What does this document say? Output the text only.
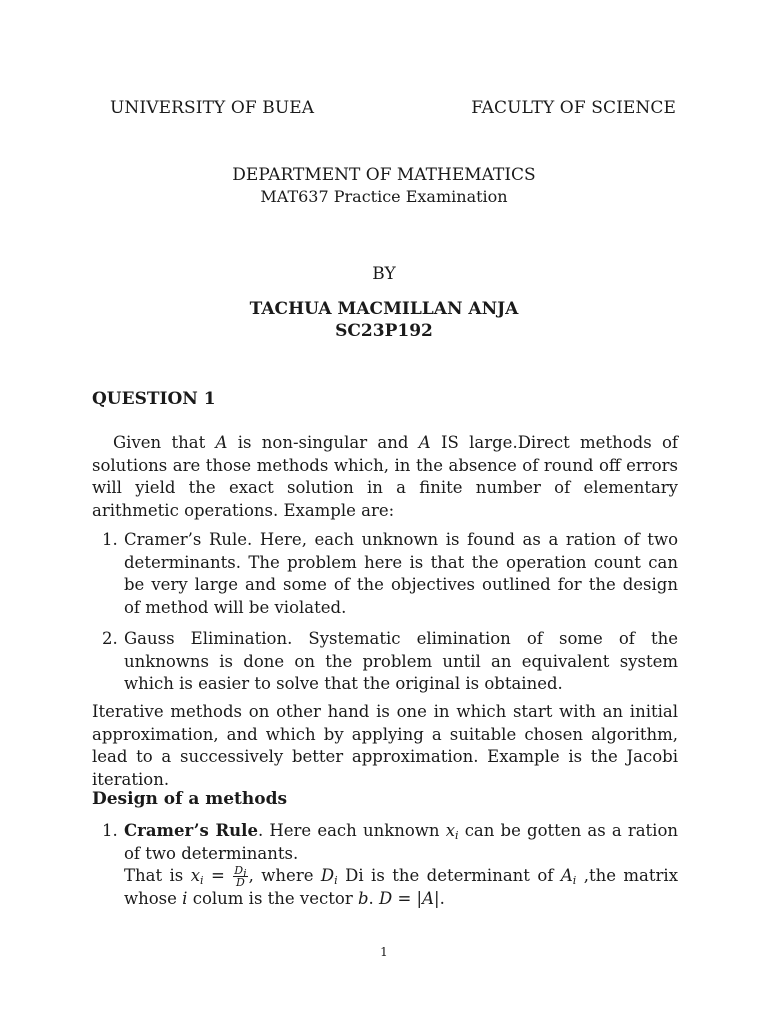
UNIVERSITY OF BUEA	FACULTY OF SCIENCE
DEPARTMENT OF MATHEMATICS
MAT637 Practice Examination
BY
TACHUA MACMILLAN ANJA
SC23P192
QUESTION 1
Given that A is non-singular and A IS large.Direct methods of solutions are those methods which, in the absence of round off errors will yield the exact solution in a finite number of elementary arithmetic operations. Example are:
1. Cramer’s Rule. Here, each unknown is found as a ration of two determinants. The problem here is that the operation count can be very large and some of the objectives outlined for the design of method will be violated.
2. Gauss Elimination. Systematic elimination of some of the unknowns is done on the problem until an equivalent system which is easier to solve that the original is obtained.
Iterative methods on other hand is one in which start with an initial approximation, and which by applying a suitable chosen algorithm, lead to a successively better approximation. Example is the Jacobi iteration.
Design of a methods
1. Cramer’s Rule. Here each unknown $x_i$ can be gotten as a ration of two determinants.
That is $x_i = \frac{D_i}{D}$ , where $D_i$ Di is the determinant of $A_i$ ,the matrix whose i colum is the vector b. D = |A|.
1
